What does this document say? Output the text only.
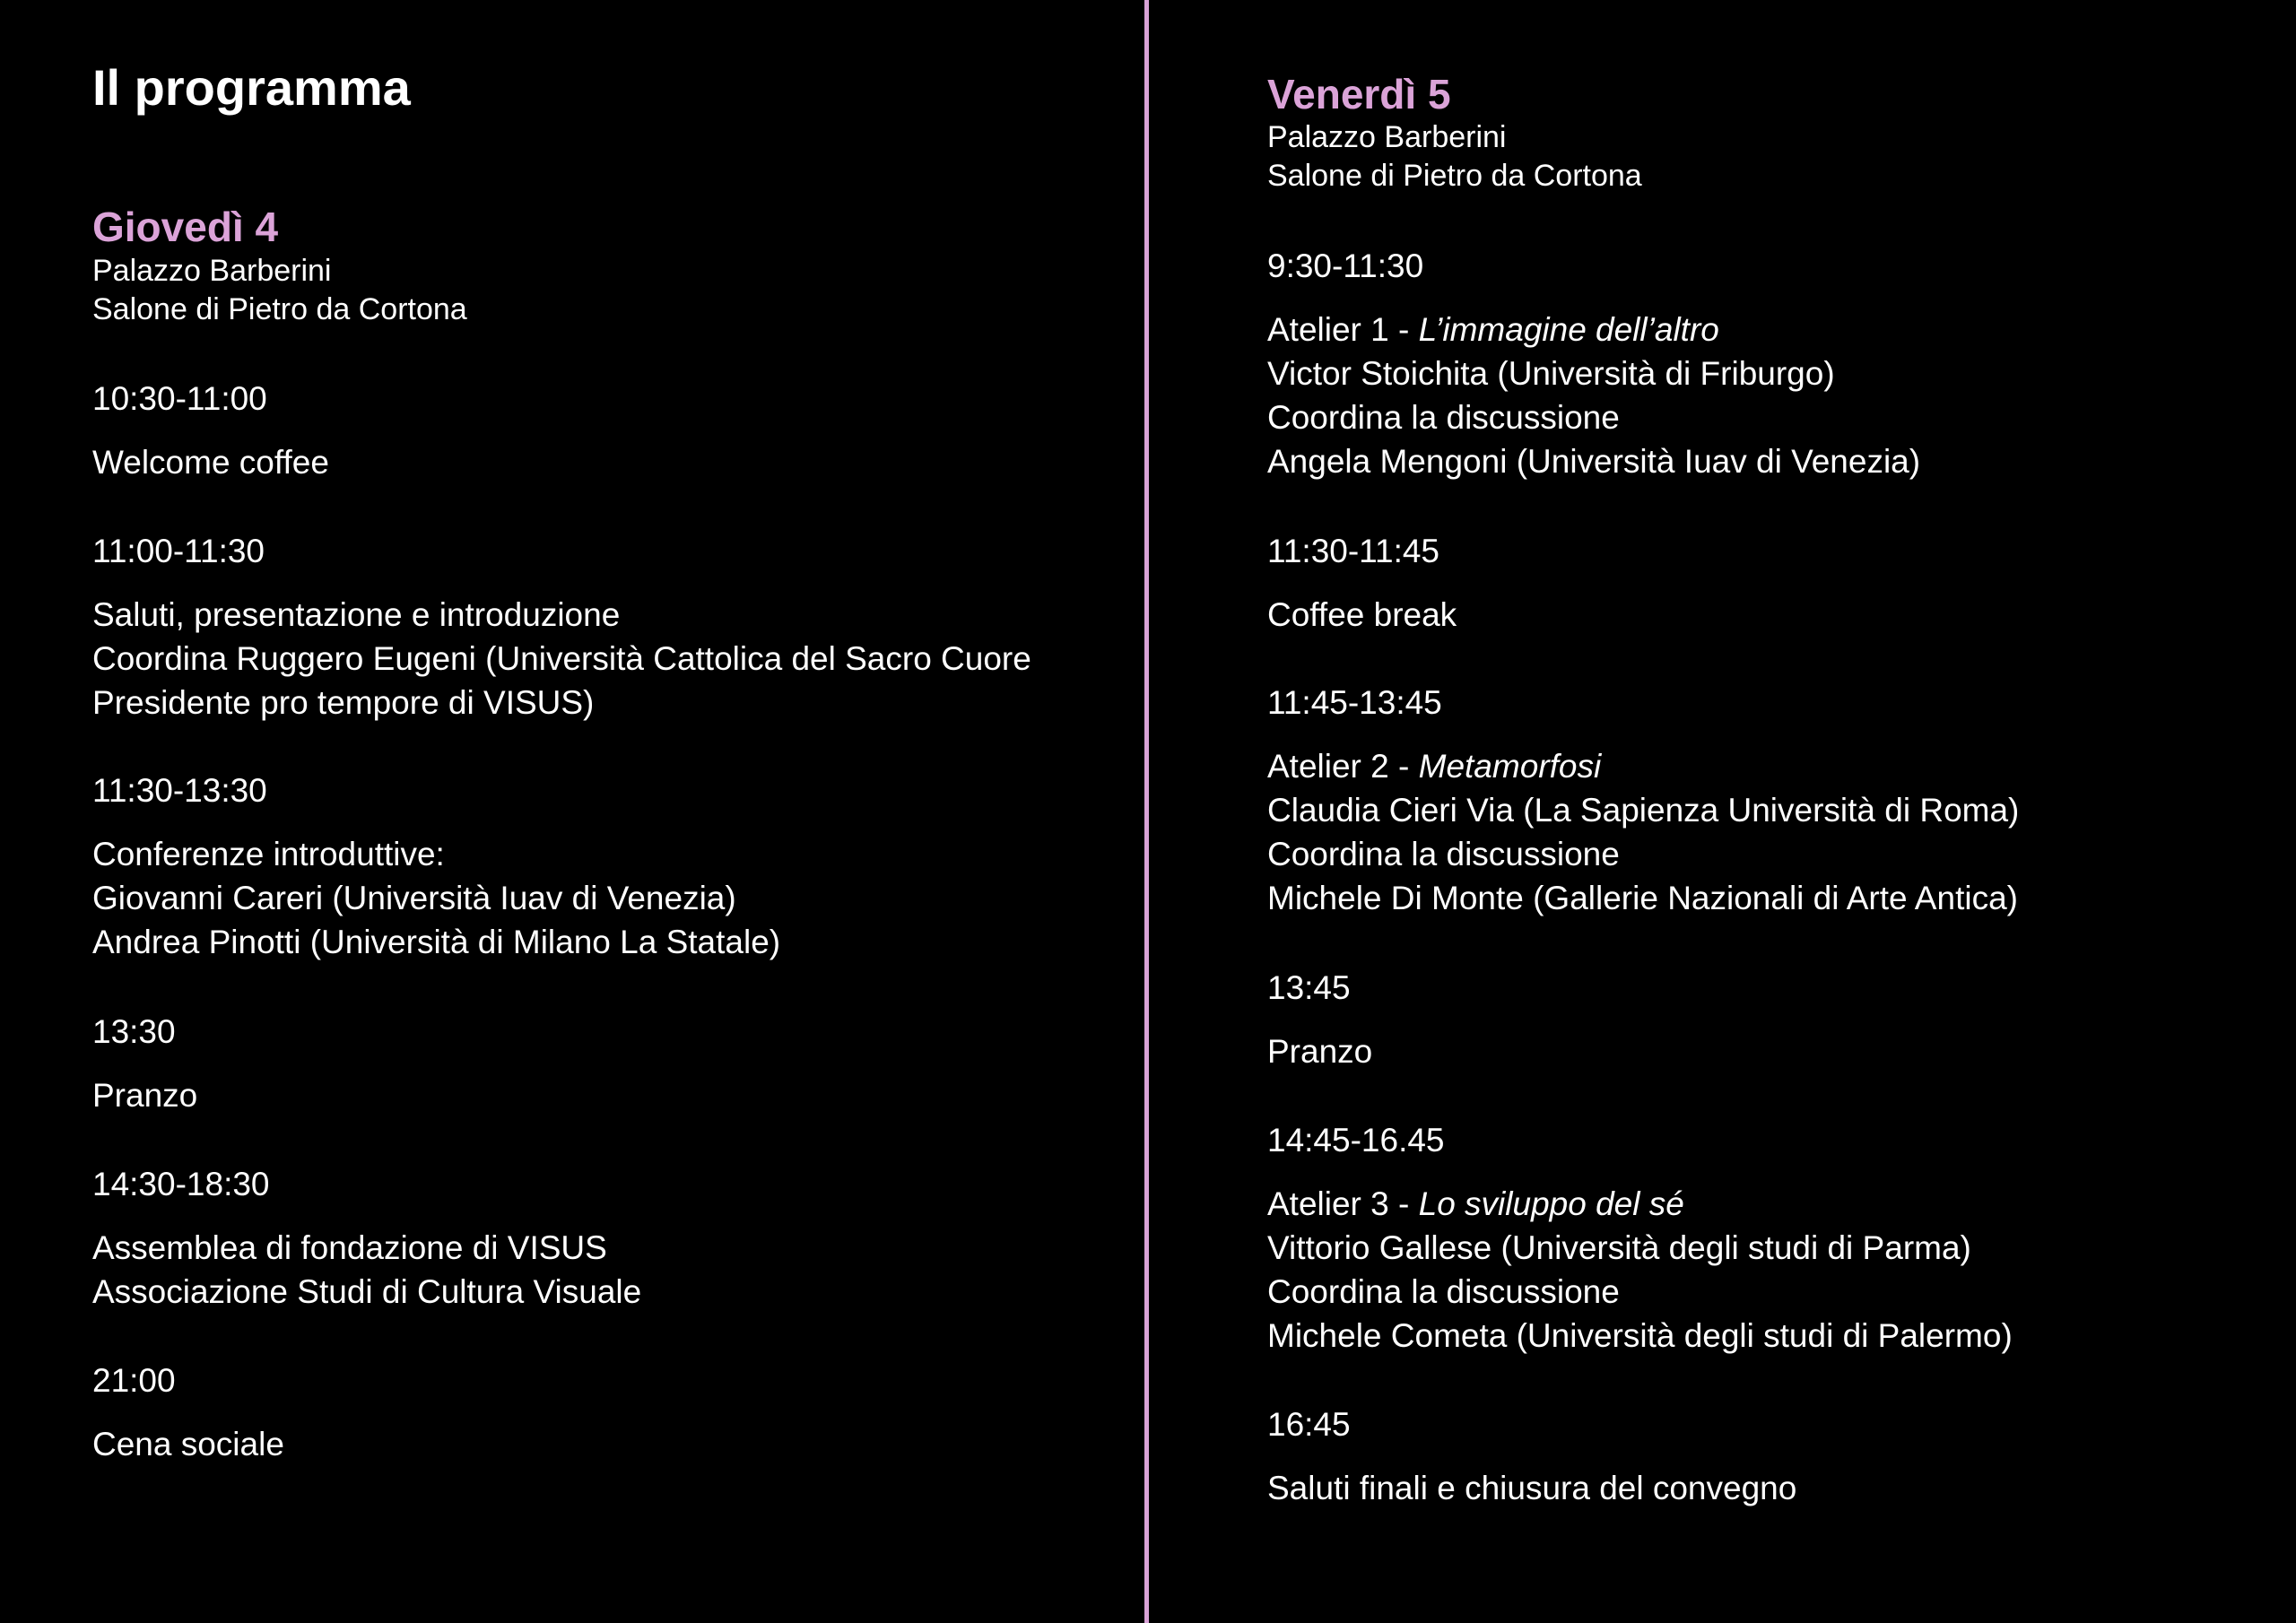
Il programma
Giovedì 4
Palazzo Barberini
Salone di Pietro da Cortona
10:30-11:00
Welcome coffee
11:00-11:30
Saluti, presentazione e introduzione
Coordina Ruggero Eugeni (Università Cattolica del Sacro Cuore
Presidente pro tempore di VISUS)
11:30-13:30
Conferenze introduttive:
Giovanni Careri (Università Iuav di Venezia)
Andrea Pinotti (Università di Milano La Statale)
13:30
Pranzo
14:30-18:30
Assemblea di fondazione di VISUS
Associazione Studi di Cultura Visuale
21:00
Cena sociale
Venerdì 5
Palazzo Barberini
Salone di Pietro da Cortona
9:30-11:30
Atelier 1 - L’immagine dell’altro
Victor Stoichita (Università di Friburgo)
Coordina la discussione
Angela Mengoni (Università Iuav di Venezia)
11:30-11:45
Coffee break
11:45-13:45
Atelier 2 - Metamorfosi
Claudia Cieri Via (La Sapienza Università di Roma)
Coordina la discussione
Michele Di Monte (Gallerie Nazionali di Arte Antica)
13:45
Pranzo
14:45-16.45
Atelier 3 - Lo sviluppo del sé
Vittorio Gallese (Università degli studi di Parma)
Coordina la discussione
Michele Cometa (Università degli studi di Palermo)
16:45
Saluti finali e chiusura del convegno
